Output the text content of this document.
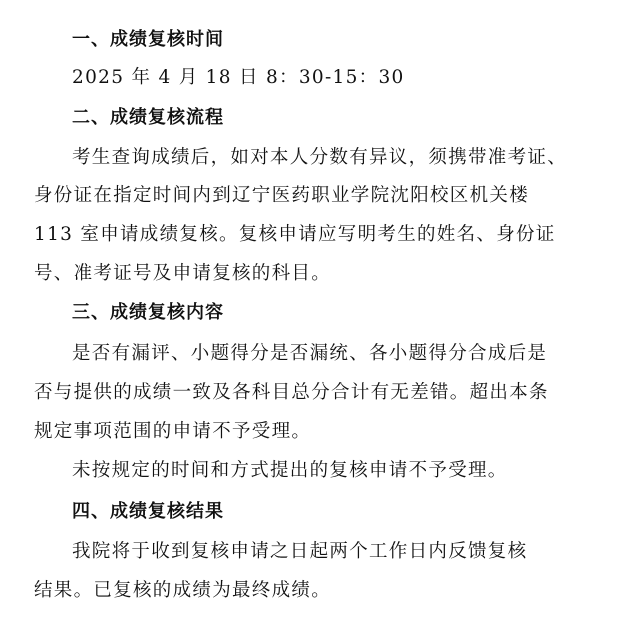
一、成绩复核时间
2025 年 4 月 18 日 8：30-15：30
二、成绩复核流程
考生查询成绩后，如对本人分数有异议，须携带准考证、
身份证在指定时间内到辽宁医药职业学院沈阳校区机关楼
113 室申请成绩复核。复核申请应写明考生的姓名、身份证
号、准考证号及申请复核的科目。
三、成绩复核内容
是否有漏评、小题得分是否漏统、各小题得分合成后是
否与提供的成绩一致及各科目总分合计有无差错。超出本条
规定事项范围的申请不予受理。
未按规定的时间和方式提出的复核申请不予受理。
四、成绩复核结果
我院将于收到复核申请之日起两个工作日内反馈复核
结果。已复核的成绩为最终成绩。
